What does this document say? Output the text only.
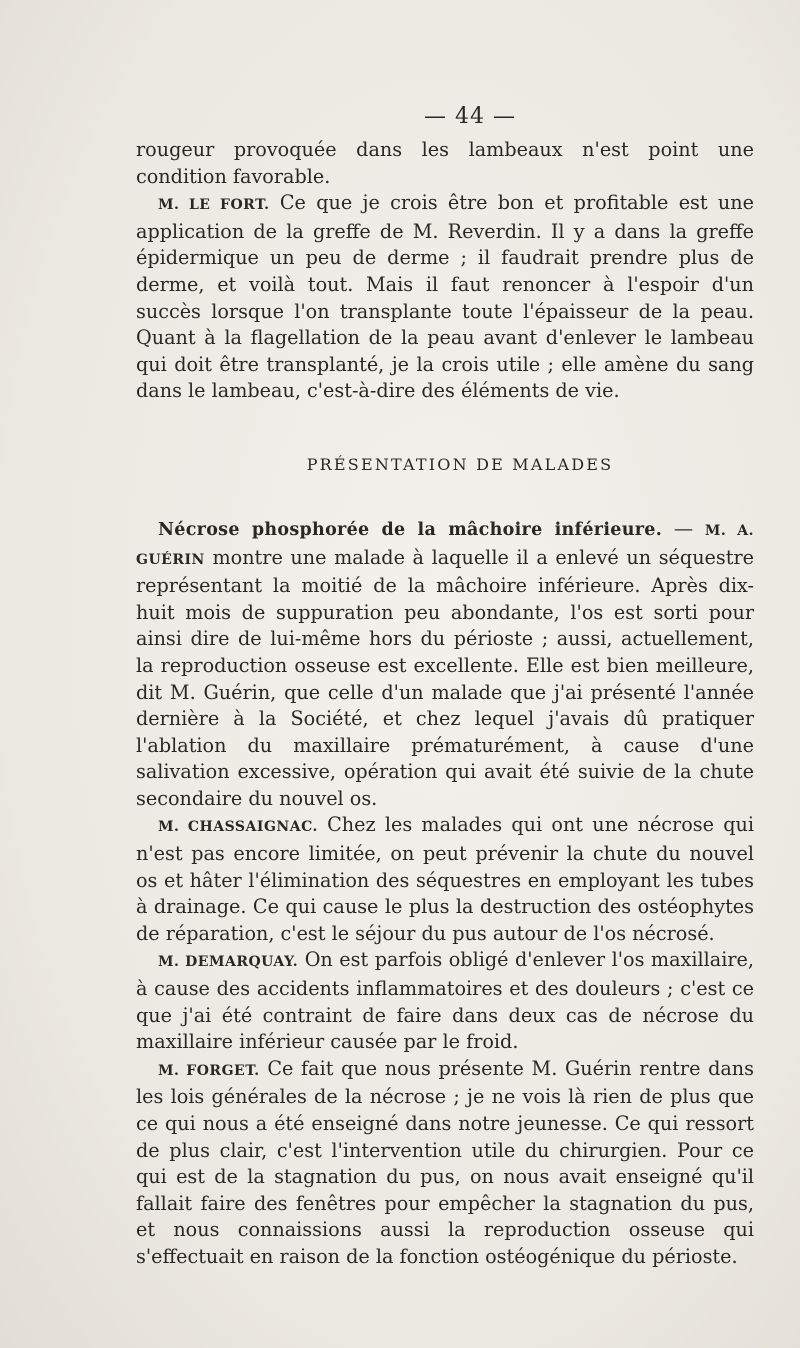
— 44 —

rougeur provoquée dans les lambeaux n'est point une condition favorable.

M. LE FORT. Ce que je crois être bon et profitable est une application de la greffe de M. Reverdin. Il y a dans la greffe épidermique un peu de derme ; il faudrait prendre plus de derme, et voilà tout. Mais il faut renoncer à l'espoir d'un succès lorsque l'on transplante toute l'épaisseur de la peau. Quant à la flagellation de la peau avant d'enlever le lambeau qui doit être transplanté, je la crois utile ; elle amène du sang dans le lambeau, c'est-à-dire des éléments de vie.

PRÉSENTATION DE MALADES

Nécrose phosphorée de la mâchoire inférieure. — M. A. GUÉRIN montre une malade à laquelle il a enlevé un séquestre représentant la moitié de la mâchoire inférieure. Après dix-huit mois de suppuration peu abondante, l'os est sorti pour ainsi dire de lui-même hors du périoste ; aussi, actuellement, la reproduction osseuse est excellente. Elle est bien meilleure, dit M. Guérin, que celle d'un malade que j'ai présenté l'année dernière à la Société, et chez lequel j'avais dû pratiquer l'ablation du maxillaire prématurément, à cause d'une salivation excessive, opération qui avait été suivie de la chute secondaire du nouvel os.

M. CHASSAIGNAC. Chez les malades qui ont une nécrose qui n'est pas encore limitée, on peut prévenir la chute du nouvel os et hâter l'élimination des séquestres en employant les tubes à drainage. Ce qui cause le plus la destruction des ostéophytes de réparation, c'est le séjour du pus autour de l'os nécrosé.

M. DEMARQUAY. On est parfois obligé d'enlever l'os maxillaire, à cause des accidents inflammatoires et des douleurs ; c'est ce que j'ai été contraint de faire dans deux cas de nécrose du maxillaire inférieur causée par le froid.

M. FORGET. Ce fait que nous présente M. Guérin rentre dans les lois générales de la nécrose ; je ne vois là rien de plus que ce qui nous a été enseigné dans notre jeunesse. Ce qui ressort de plus clair, c'est l'intervention utile du chirurgien. Pour ce qui est de la stagnation du pus, on nous avait enseigné qu'il fallait faire des fenêtres pour empêcher la stagnation du pus, et nous connaissions aussi la reproduction osseuse qui s'effectuait en raison de la fonction ostéogénique du périoste.
